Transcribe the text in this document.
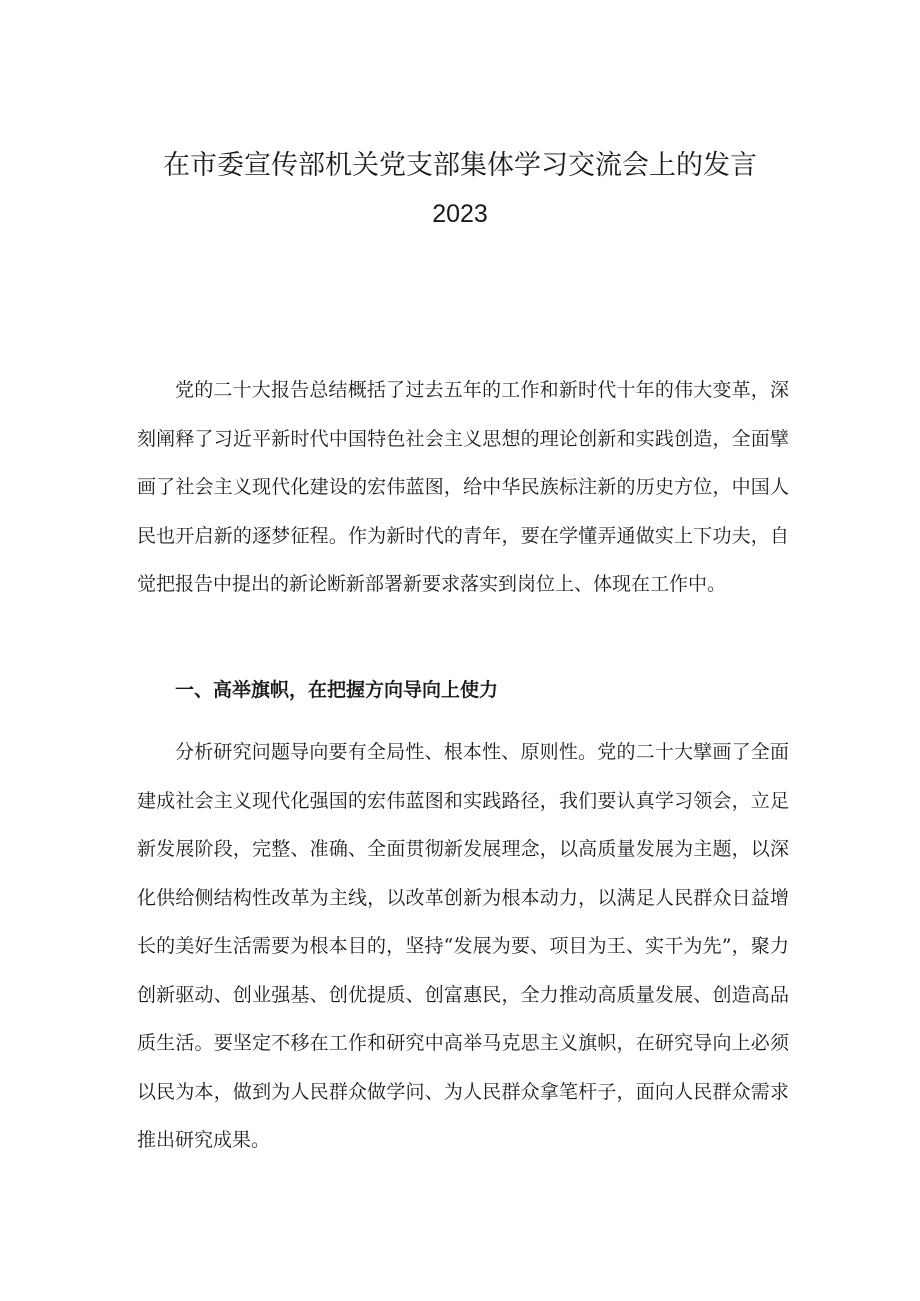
在市委宣传部机关党支部集体学习交流会上的发言
2023

党的二十大报告总结概括了过去五年的工作和新时代十年的伟大变革，深刻阐释了习近平新时代中国特色社会主义思想的理论创新和实践创造，全面擘画了社会主义现代化建设的宏伟蓝图，给中华民族标注新的历史方位，中国人民也开启新的逐梦征程。作为新时代的青年，要在学懂弄通做实上下功夫，自觉把报告中提出的新论断新部署新要求落实到岗位上、体现在工作中。

一、高举旗帜，在把握方向导向上使力

分析研究问题导向要有全局性、根本性、原则性。党的二十大擘画了全面建成社会主义现代化强国的宏伟蓝图和实践路径，我们要认真学习领会，立足新发展阶段，完整、准确、全面贯彻新发展理念，以高质量发展为主题，以深化供给侧结构性改革为主线，以改革创新为根本动力，以满足人民群众日益增长的美好生活需要为根本目的，坚持“发展为要、项目为王、实干为先”，聚力创新驱动、创业强基、创优提质、创富惠民，全力推动高质量发展、创造高品质生活。要坚定不移在工作和研究中高举马克思主义旗帜，在研究导向上必须以民为本，做到为人民群众做学问、为人民群众拿笔杆子，面向人民群众需求推出研究成果。
